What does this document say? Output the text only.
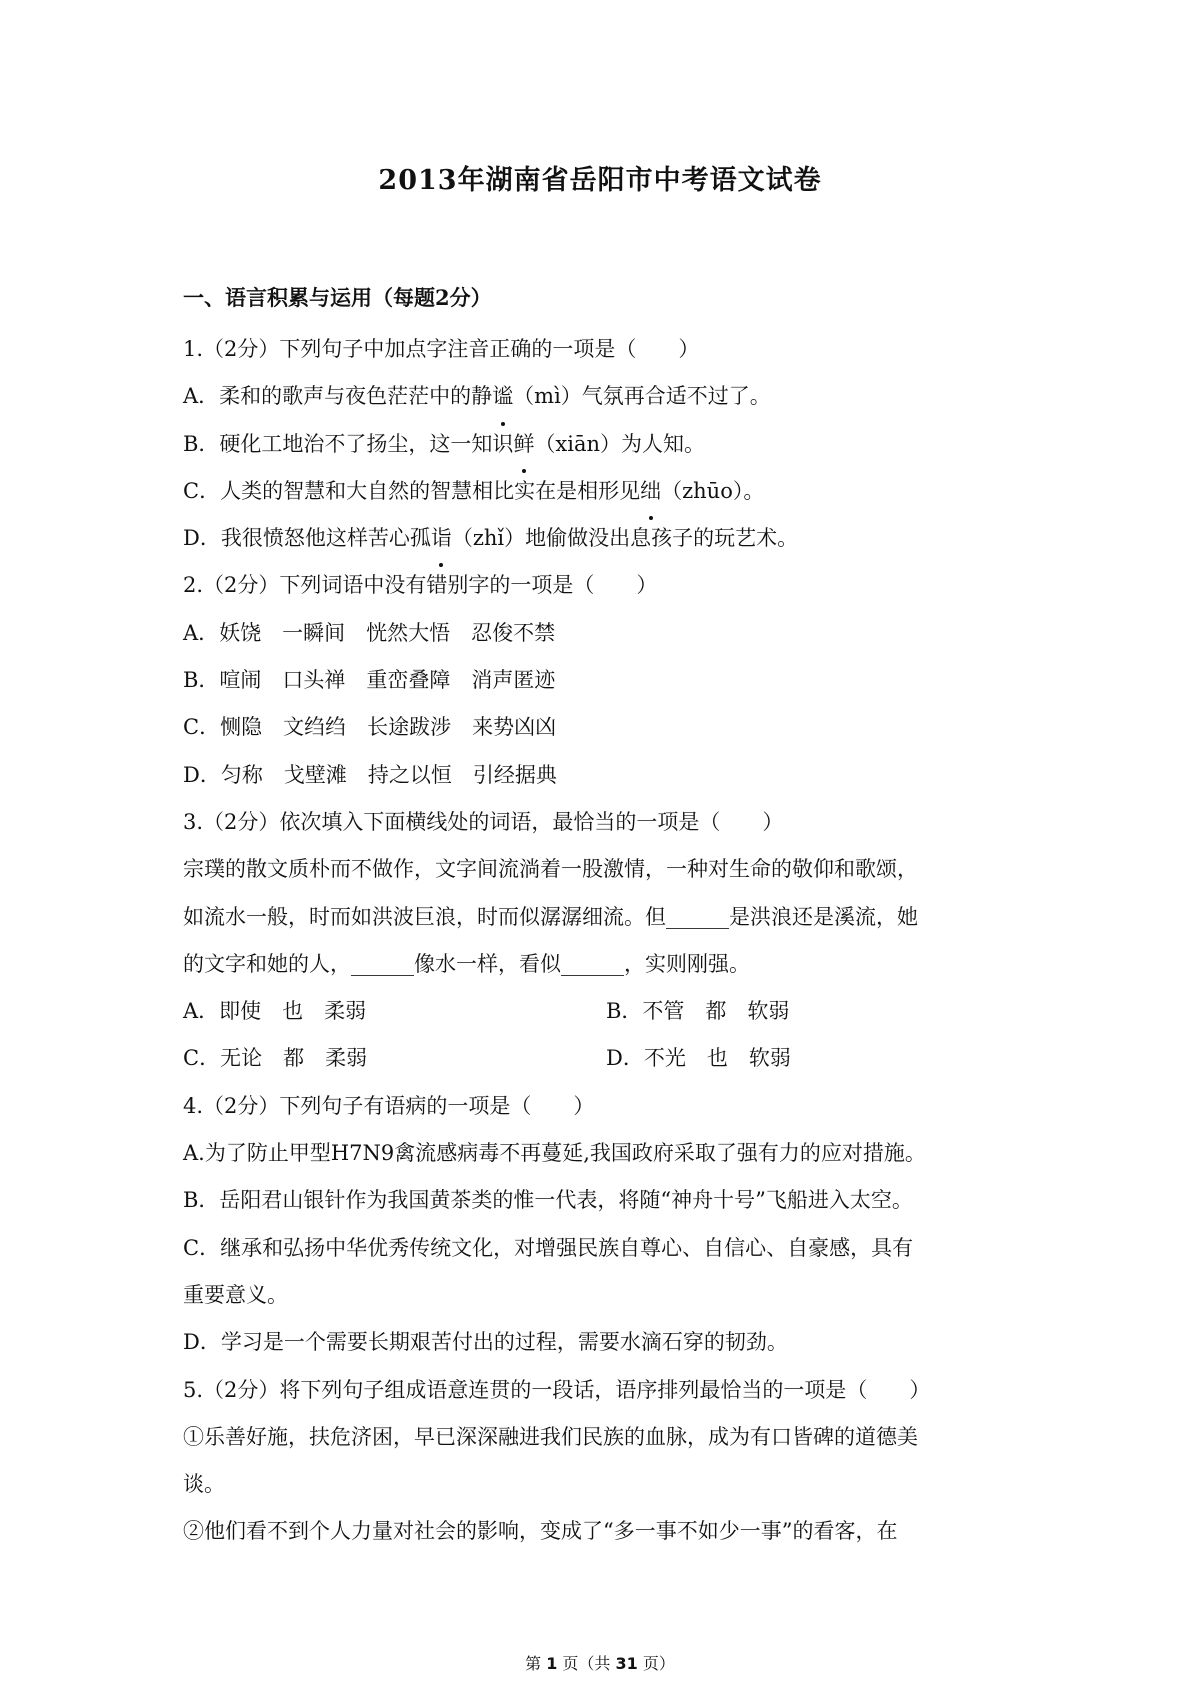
2013年湖南省岳阳市中考语文试卷
一、语言积累与运用（每题2分）
1.（2分）下列句子中加点字注音正确的一项是（　　）
A．柔和的歌声与夜色茫茫中的静谧（mì）气氛再合适不过了。
B．硬化工地治不了扬尘，这一知识鲜（xiān）为人知。
C．人类的智慧和大自然的智慧相比实在是相形见绌（zhūo）。
D．我很愤怒他这样苦心孤诣（zhǐ）地偷做没出息孩子的玩艺术。
2.（2分）下列词语中没有错别字的一项是（　　）
A．妖饶　一瞬间　恍然大悟　忍俊不禁
B．喧闹　口头禅　重峦叠障　消声匿迹
C．恻隐　文绉绉　长途跋涉　来势凶凶
D．匀称　戈壁滩　持之以恒　引经据典
3.（2分）依次填入下面横线处的词语，最恰当的一项是（　　）
宗璞的散文质朴而不做作，文字间流淌着一股激情，一种对生命的敬仰和歌颂，
如流水一般，时而如洪波巨浪，时而似潺潺细流。但______是洪浪还是溪流，她
的文字和她的人，______像水一样，看似______，实则刚强。
A．即使　也　柔弱	B．不管　都　软弱
C．无论　都　柔弱	D．不光　也　软弱
4.（2分）下列句子有语病的一项是（　　）
A.为了防止甲型H7N9禽流感病毒不再蔓延,我国政府采取了强有力的应对措施。
B．岳阳君山银针作为我国黄茶类的惟一代表，将随“神舟十号”飞船进入太空。
C．继承和弘扬中华优秀传统文化，对增强民族自尊心、自信心、自豪感，具有
重要意义。
D．学习是一个需要长期艰苦付出的过程，需要水滴石穿的韧劲。
5.（2分）将下列句子组成语意连贯的一段话，语序排列最恰当的一项是（　　）
①乐善好施，扶危济困，早已深深融进我们民族的血脉，成为有口皆碑的道德美
谈。
②他们看不到个人力量对社会的影响，变成了“多一事不如少一事”的看客，在
第 1 页（共 31 页）
